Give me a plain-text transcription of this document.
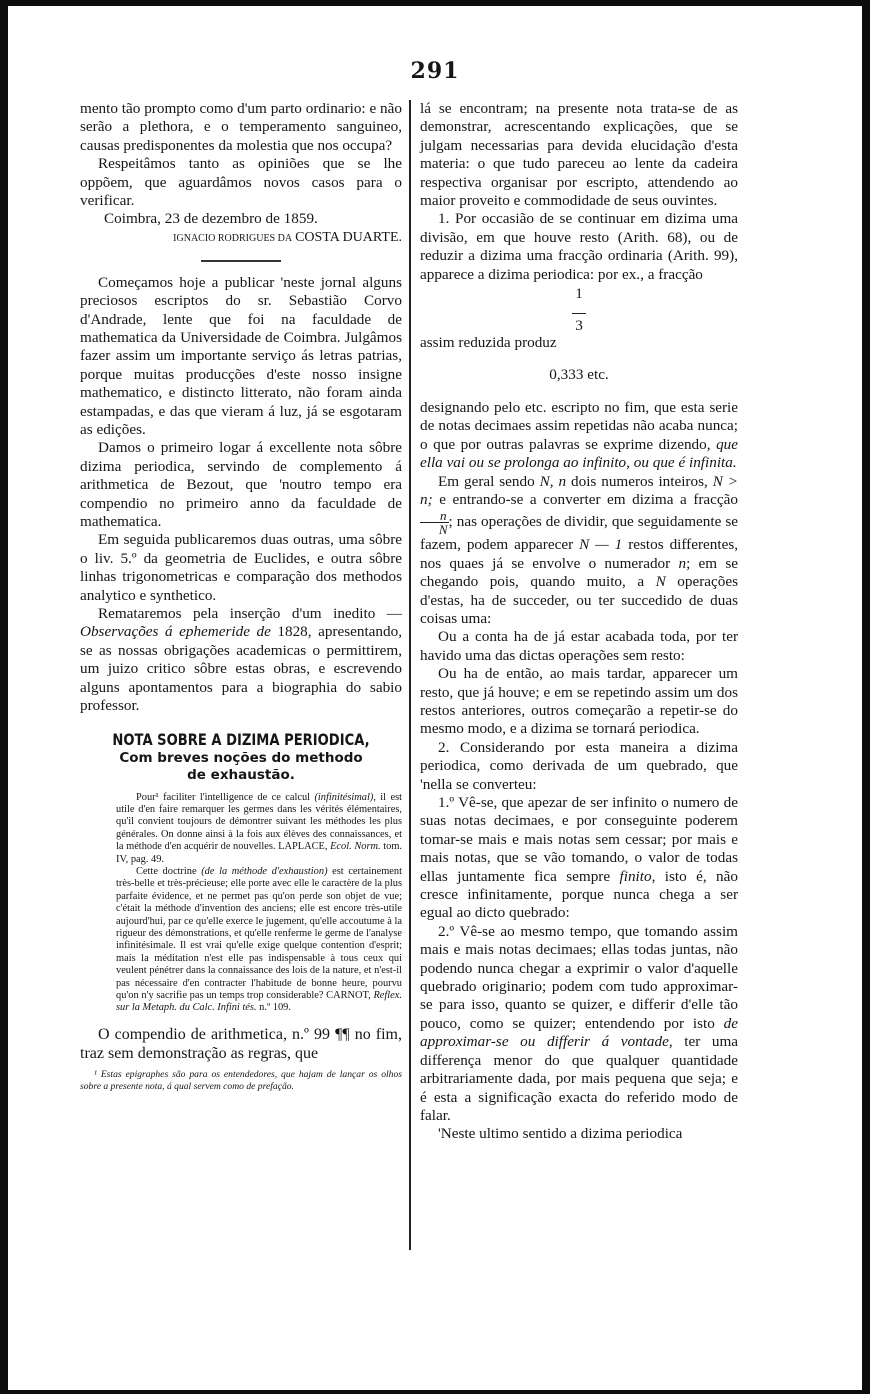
291

mento tão prompto como d'um parto ordinario: e não serão a plethora, e o temperamento sanguineo, causas predisponentes da molestia que nos occupa?

Respeitâmos tanto as opiniões que se lhe oppõem, que aguardâmos novos casos para o verificar.

Coimbra, 23 de dezembro de 1859.

IGNACIO RODRIGUES DA COSTA DUARTE.

Começamos hoje a publicar 'neste jornal alguns preciosos escriptos do sr. Sebastião Corvo d'Andrade, lente que foi na faculdade de mathematica da Universidade de Coimbra. Julgâmos fazer assim um importante serviço ás letras patrias, porque muitas producções d'este nosso insigne mathematico, e distincto litterato, não foram ainda estampadas, e das que vieram á luz, já se esgotaram as edições.

Damos o primeiro logar á excellente nota sôbre dizima periodica, servindo de complemento á arithmetica de Bezout, que 'noutro tempo era compendio no primeiro anno da faculdade de mathematica.

Em seguida publicaremos duas outras, uma sôbre o liv. 5.º da geometria de Euclides, e outra sôbre linhas trigonometricas e comparação dos methodos analytico e synthetico.

Remataremos pela inserção d'um inedito — Observações á ephemeride de 1828, apresentando, se as nossas obrigações academicas o permittirem, um juizo critico sôbre estas obras, e escrevendo alguns apontamentos para a biographia do sabio professor.

NOTA SOBRE A DIZIMA PERIODICA,
Com breves noções do methodo
de exhaustão.

Pour¹ faciliter l'intelligence de ce calcul (infinitésimal), il est utile d'en faire remarquer les germes dans les vérités élémentaires, qu'il convient toujours de démontrer suivant les méthodes les plus générales. On donne ainsi à la fois aux élèves des connaissances, et la méthode d'en acquérir de nouvelles. LAPLACE, Ecol. Norm. tom. IV, pag. 49.

Cette doctrine (de la méthode d'exhaustion) est certainement très-belle et très-précieuse; elle porte avec elle le caractère de la plus parfaite évidence, et ne permet pas qu'on perde son objet de vue; c'était la méthode d'invention des anciens; elle est encore très-utile aujourd'hui, par ce qu'elle exerce le jugement, qu'elle accoutume à la rigueur des démonstrations, et qu'elle renferme le germe de l'analyse infinitésimale. Il est vrai qu'elle exige quelque contention d'esprit; mais la méditation n'est elle pas indispensable à tous ceux qui veulent pénétrer dans la connaissance des lois de la nature, et n'est-il pas nécessaire d'en contracter l'habitude de bonne heure, pourvu qu'on n'y sacrifie pas un temps trop considerable? CARNOT, Reflex. sur la Metaph. du Calc. Infini tés. n.º 109.

O compendio de arithmetica, n.º 99 ¶¶ no fim, traz sem demonstração as regras, que

¹ Estas epigraphes são para os entendedores, que hajam de lançar os olhos sobre a presente nota, á qual servem como de prefação.

lá se encontram; na presente nota trata-se de as demonstrar, acrescentando explicações, que se julgam necessarias para devida elucidação d'esta materia: o que tudo pareceu ao lente da cadeira respectiva organisar por escripto, attendendo ao maior proveito e commodidade de seus ouvintes.

1. Por occasião de se continuar em dizima uma divisão, em que houve resto (Arith. 68), ou de reduzir a dizima uma fracção ordinaria (Arith. 99), apparece a dizima periodica: por ex., a fracção

1
3

assim reduzida produz

0,333 etc.

designando pelo etc. escripto no fim, que esta serie de notas decimaes assim repetidas não acaba nunca; o que por outras palavras se exprime dizendo, que ella vai ou se prolonga ao infinito, ou que é infinita.

Em geral sendo N, n dois numeros inteiros, N > n; e entrando-se a converter em dizima a fracção
$\frac{n}{N}$ ; nas operações de dividir, que seguidamente se fazem, podem apparecer N — 1 restos differentes, nos quaes já se envolve o numerador n; em se chegando pois, quando muito, a N operações d'estas, ha de succeder, ou ter succedido de duas coisas uma:

Ou a conta ha de já estar acabada toda, por ter havido uma das dictas operações sem resto:

Ou ha de então, ao mais tardar, apparecer um resto, que já houve; e em se repetindo assim um dos restos anteriores, outros começarão a repetir-se do mesmo modo, e a dizima se tornará periodica.

2. Considerando por esta maneira a dizima periodica, como derivada de um quebrado, que 'nella se converteu:

1.º Vê-se, que apezar de ser infinito o numero de suas notas decimaes, e por conseguinte poderem tomar-se mais e mais notas sem cessar; por mais e mais notas, que se vão tomando, o valor de todas ellas juntamente fica sempre finito, isto é, não cresce infinitamente, porque nunca chega a ser egual ao dicto quebrado:

2.º Vê-se ao mesmo tempo, que tomando assim mais e mais notas decimaes; ellas todas juntas, não podendo nunca chegar a exprimir o valor d'aquelle quebrado originario; podem com tudo approximar-se para isso, quanto se quizer, e differir d'elle tão pouco, como se quizer; entendendo por isto de approximar-se ou differir á vontade, ter uma differença menor do que qualquer quantidade arbitrariamente dada, por mais pequena que seja; e é esta a significação exacta do referido modo de falar.

'Neste ultimo sentido a dizima periodica
